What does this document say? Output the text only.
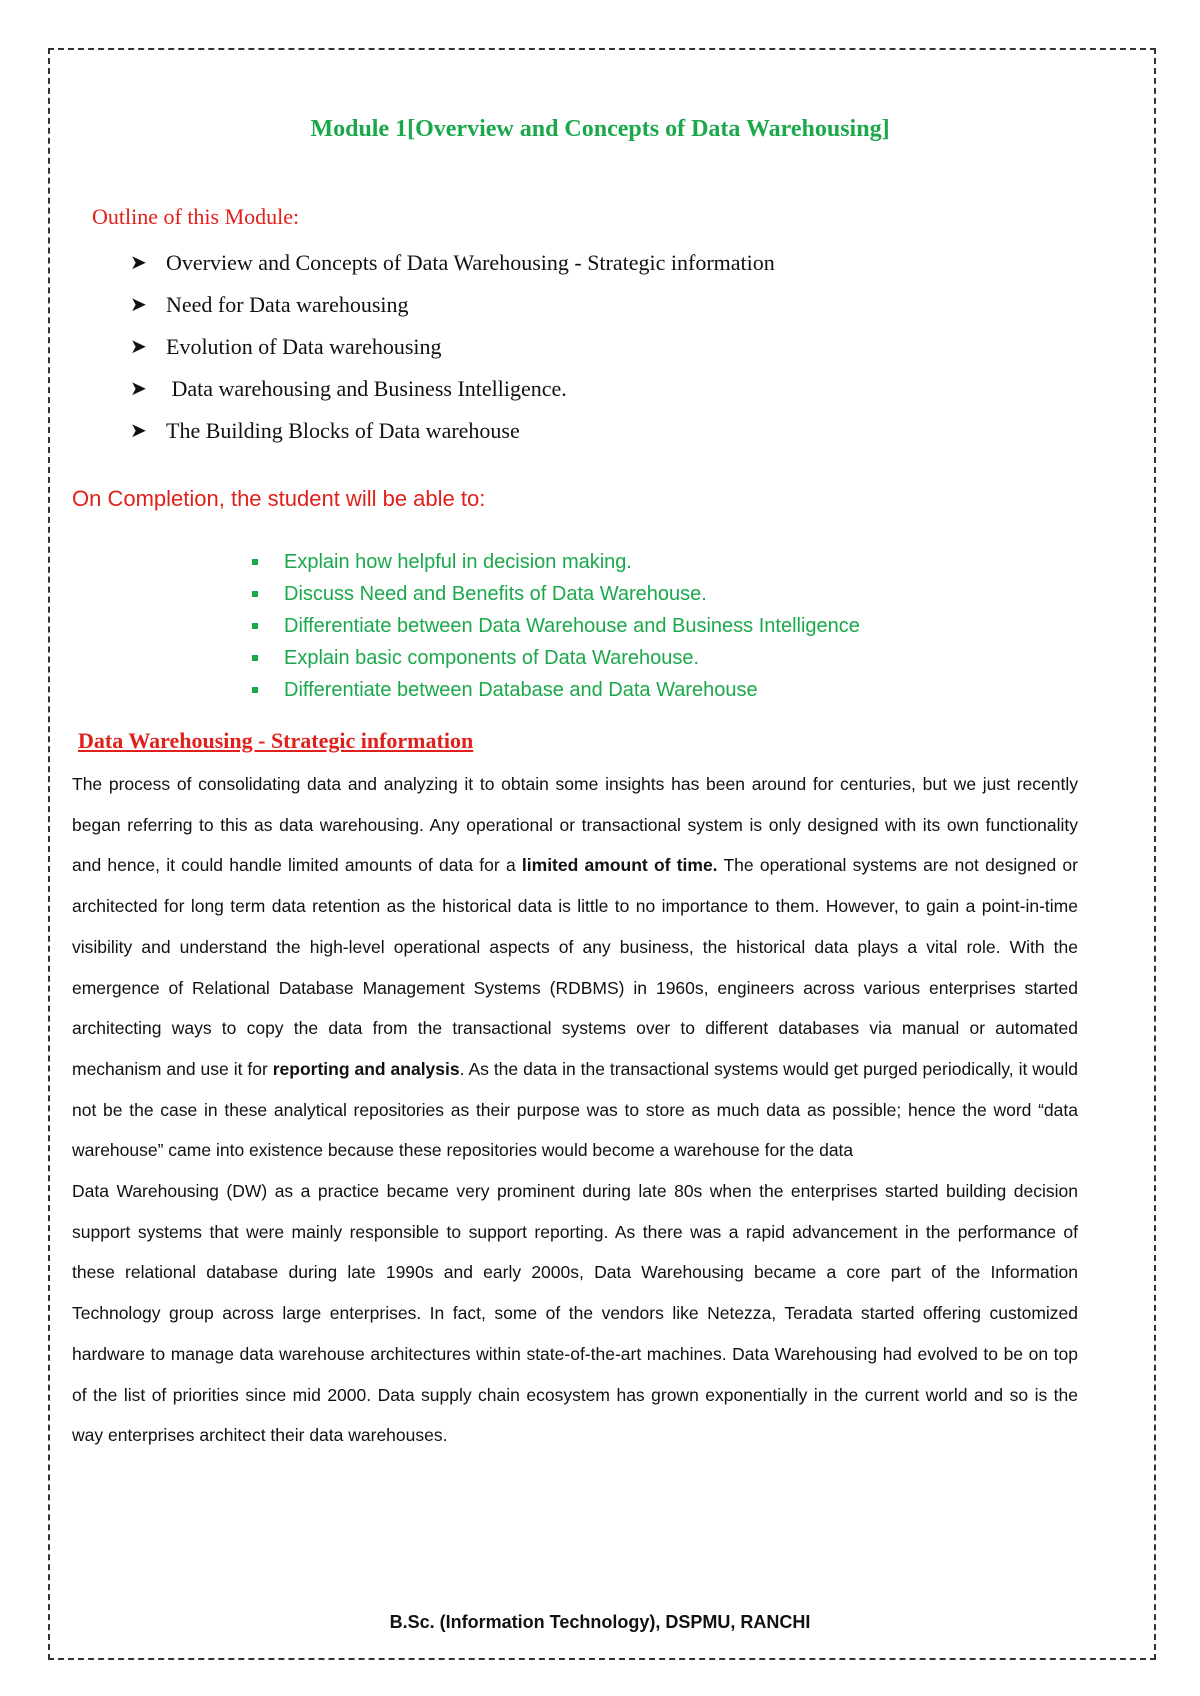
Module 1[Overview and Concepts of Data Warehousing]
Outline of this Module:
➤ Overview and Concepts of Data Warehousing - Strategic information
➤ Need for Data warehousing
➤ Evolution of Data warehousing
➤ Data warehousing and Business Intelligence.
➤ The Building Blocks of Data warehouse
On Completion, the student will be able to:
Explain how helpful in decision making.
Discuss Need and Benefits of Data Warehouse.
Differentiate between Data Warehouse and Business Intelligence
Explain basic components of Data Warehouse.
Differentiate between Database and Data Warehouse
Data Warehousing - Strategic information

The process of consolidating data and analyzing it to obtain some insights has been around for centuries, but we just recently began referring to this as data warehousing. Any operational or transactional system is only designed with its own functionality and hence, it could handle limited amounts of data for a limited amount of time. The operational systems are not designed or architected for long term data retention as the historical data is little to no importance to them. However, to gain a point-in-time visibility and understand the high-level operational aspects of any business, the historical data plays a vital role. With the emergence of Relational Database Management Systems (RDBMS) in 1960s, engineers across various enterprises started architecting ways to copy the data from the transactional systems over to different databases via manual or automated mechanism and use it for reporting and analysis. As the data in the transactional systems would get purged periodically, it would not be the case in these analytical repositories as their purpose was to store as much data as possible; hence the word “data warehouse” came into existence because these repositories would become a warehouse for the data

Data Warehousing (DW) as a practice became very prominent during late 80s when the enterprises started building decision support systems that were mainly responsible to support reporting. As there was a rapid advancement in the performance of these relational database during late 1990s and early 2000s, Data Warehousing became a core part of the Information Technology group across large enterprises. In fact, some of the vendors like Netezza, Teradata started offering customized hardware to manage data warehouse architectures within state-of-the-art machines. Data Warehousing had evolved to be on top of the list of priorities since mid 2000. Data supply chain ecosystem has grown exponentially in the current world and so is the way enterprises architect their data warehouses.

B.Sc. (Information Technology), DSPMU, RANCHI
